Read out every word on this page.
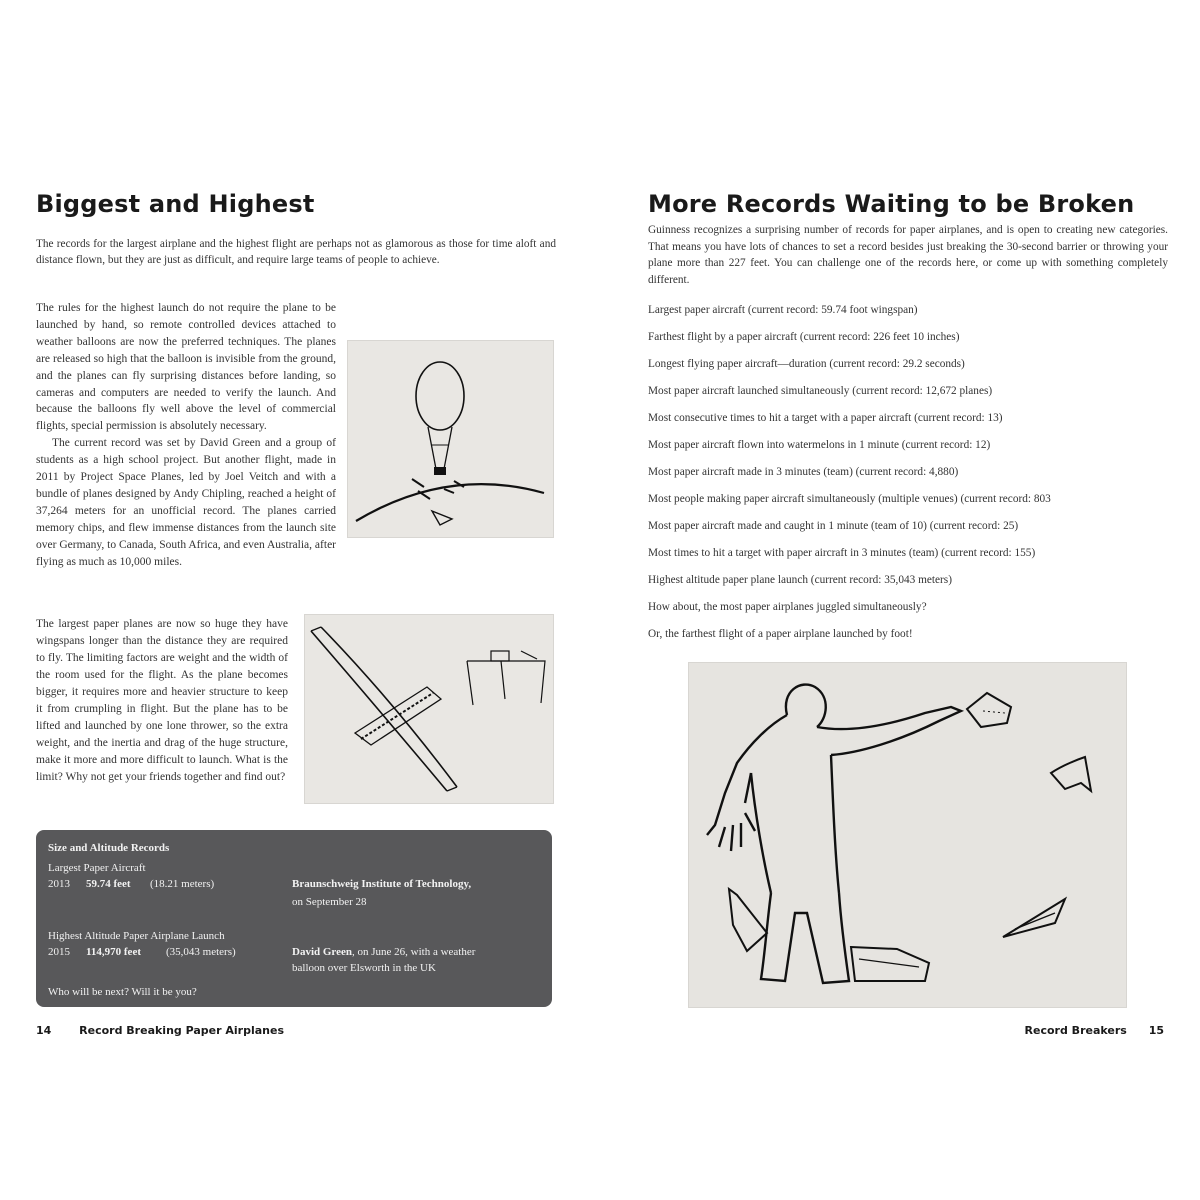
Biggest and Highest

The records for the largest airplane and the highest flight are perhaps not as glamorous as those for time aloft and distance flown, but they are just as difficult, and require large teams of people to achieve.

The rules for the highest launch do not require the plane to be launched by hand, so remote controlled devices attached to weather balloons are now the preferred techniques. The planes are released so high that the balloon is invisible from the ground, and the planes can fly surprising distances before landing, so cameras and computers are needed to verify the launch. And because the balloons fly well above the level of commercial flights, special permission is absolutely necessary.

The current record was set by David Green and a group of students as a high school project. But another flight, made in 2011 by Project Space Planes, led by Joel Veitch and with a bundle of planes designed by Andy Chipling, reached a height of 37,264 meters for an unofficial record. The planes carried memory chips, and flew immense distances from the launch site over Germany, to Canada, South Africa, and even Australia, after flying as much as 10,000 miles.

The largest paper planes are now so huge they have wingspans longer than the distance they are required to fly. The limiting factors are weight and the width of the room used for the flight. As the plane becomes bigger, it requires more and heavier structure to keep it from crumpling in flight. But the plane has to be lifted and launched by one lone thrower, so the extra weight, and the inertia and drag of the huge structure, make it more and more difficult to launch. What is the limit? Why not get your friends together and find out?

Size and Altitude Records
Largest Paper Aircraft
2013 59.74 feet (18.21 meters)	Braunschweig Institute of Technology,
on September 28
Highest Altitude Paper Airplane Launch
2015 114,970 feet (35,043 meters)	David Green, on June 26, with a weather
balloon over Elsworth in the UK
Who will be next? Will it be you?
14	Record Breaking Paper Airplanes
More Records Waiting to be Broken

Guinness recognizes a surprising number of records for paper airplanes, and is open to creating new categories. That means you have lots of chances to set a record besides just breaking the 30-second barrier or throwing your plane more than 227 feet. You can challenge one of the records here, or come up with something completely different.

Largest paper aircraft (current record: 59.74 foot wingspan)
Farthest flight by a paper aircraft (current record: 226 feet 10 inches)
Longest flying paper aircraft—duration (current record: 29.2 seconds)
Most paper aircraft launched simultaneously (current record: 12,672 planes)
Most consecutive times to hit a target with a paper aircraft (current record: 13)
Most paper aircraft flown into watermelons in 1 minute (current record: 12)
Most paper aircraft made in 3 minutes (team) (current record: 4,880)
Most people making paper aircraft simultaneously (multiple venues) (current record: 803
Most paper aircraft made and caught in 1 minute (team of 10) (current record: 25)
Most times to hit a target with paper aircraft in 3 minutes (team) (current record: 155)
Highest altitude paper plane launch (current record: 35,043 meters)
How about, the most paper airplanes juggled simultaneously?
Or, the farthest flight of a paper airplane launched by foot!
Record Breakers 15
